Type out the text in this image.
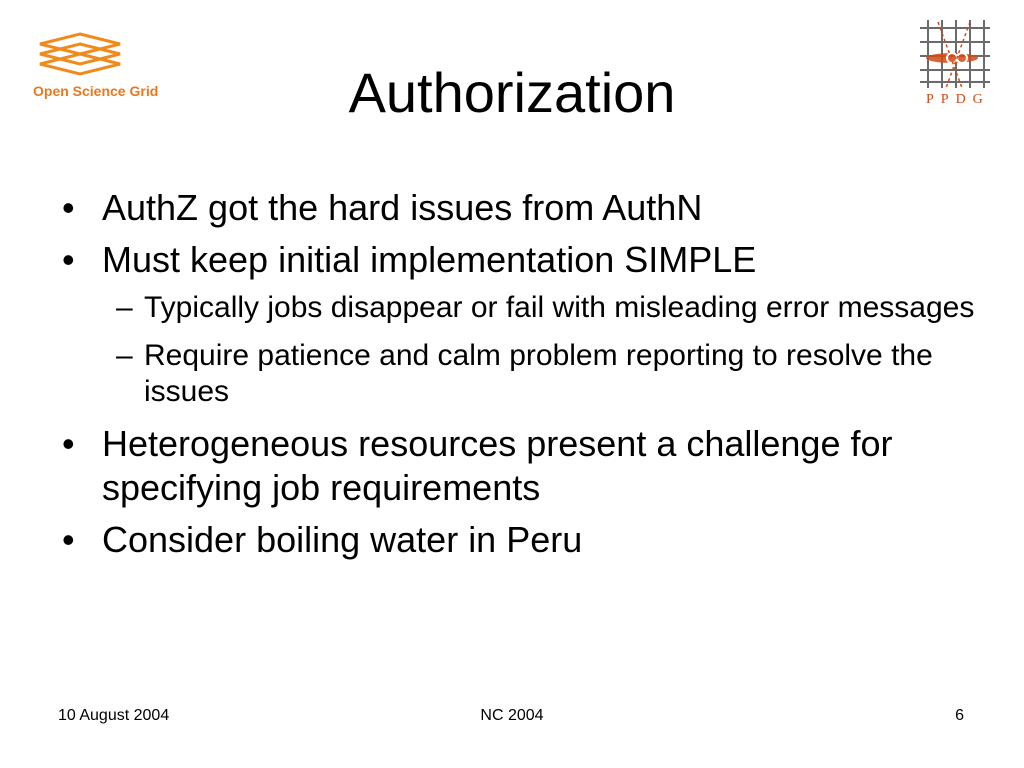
Open Science Grid
PPDG
Authorization
• AuthZ got the hard issues from AuthN
• Must keep initial implementation SIMPLE
– Typically jobs disappear or fail with misleading error messages
– Require patience and calm problem reporting to resolve the issues
• Heterogeneous resources present a challenge for specifying job requirements
• Consider boiling water in Peru
10 August 2004	NC 2004	6
